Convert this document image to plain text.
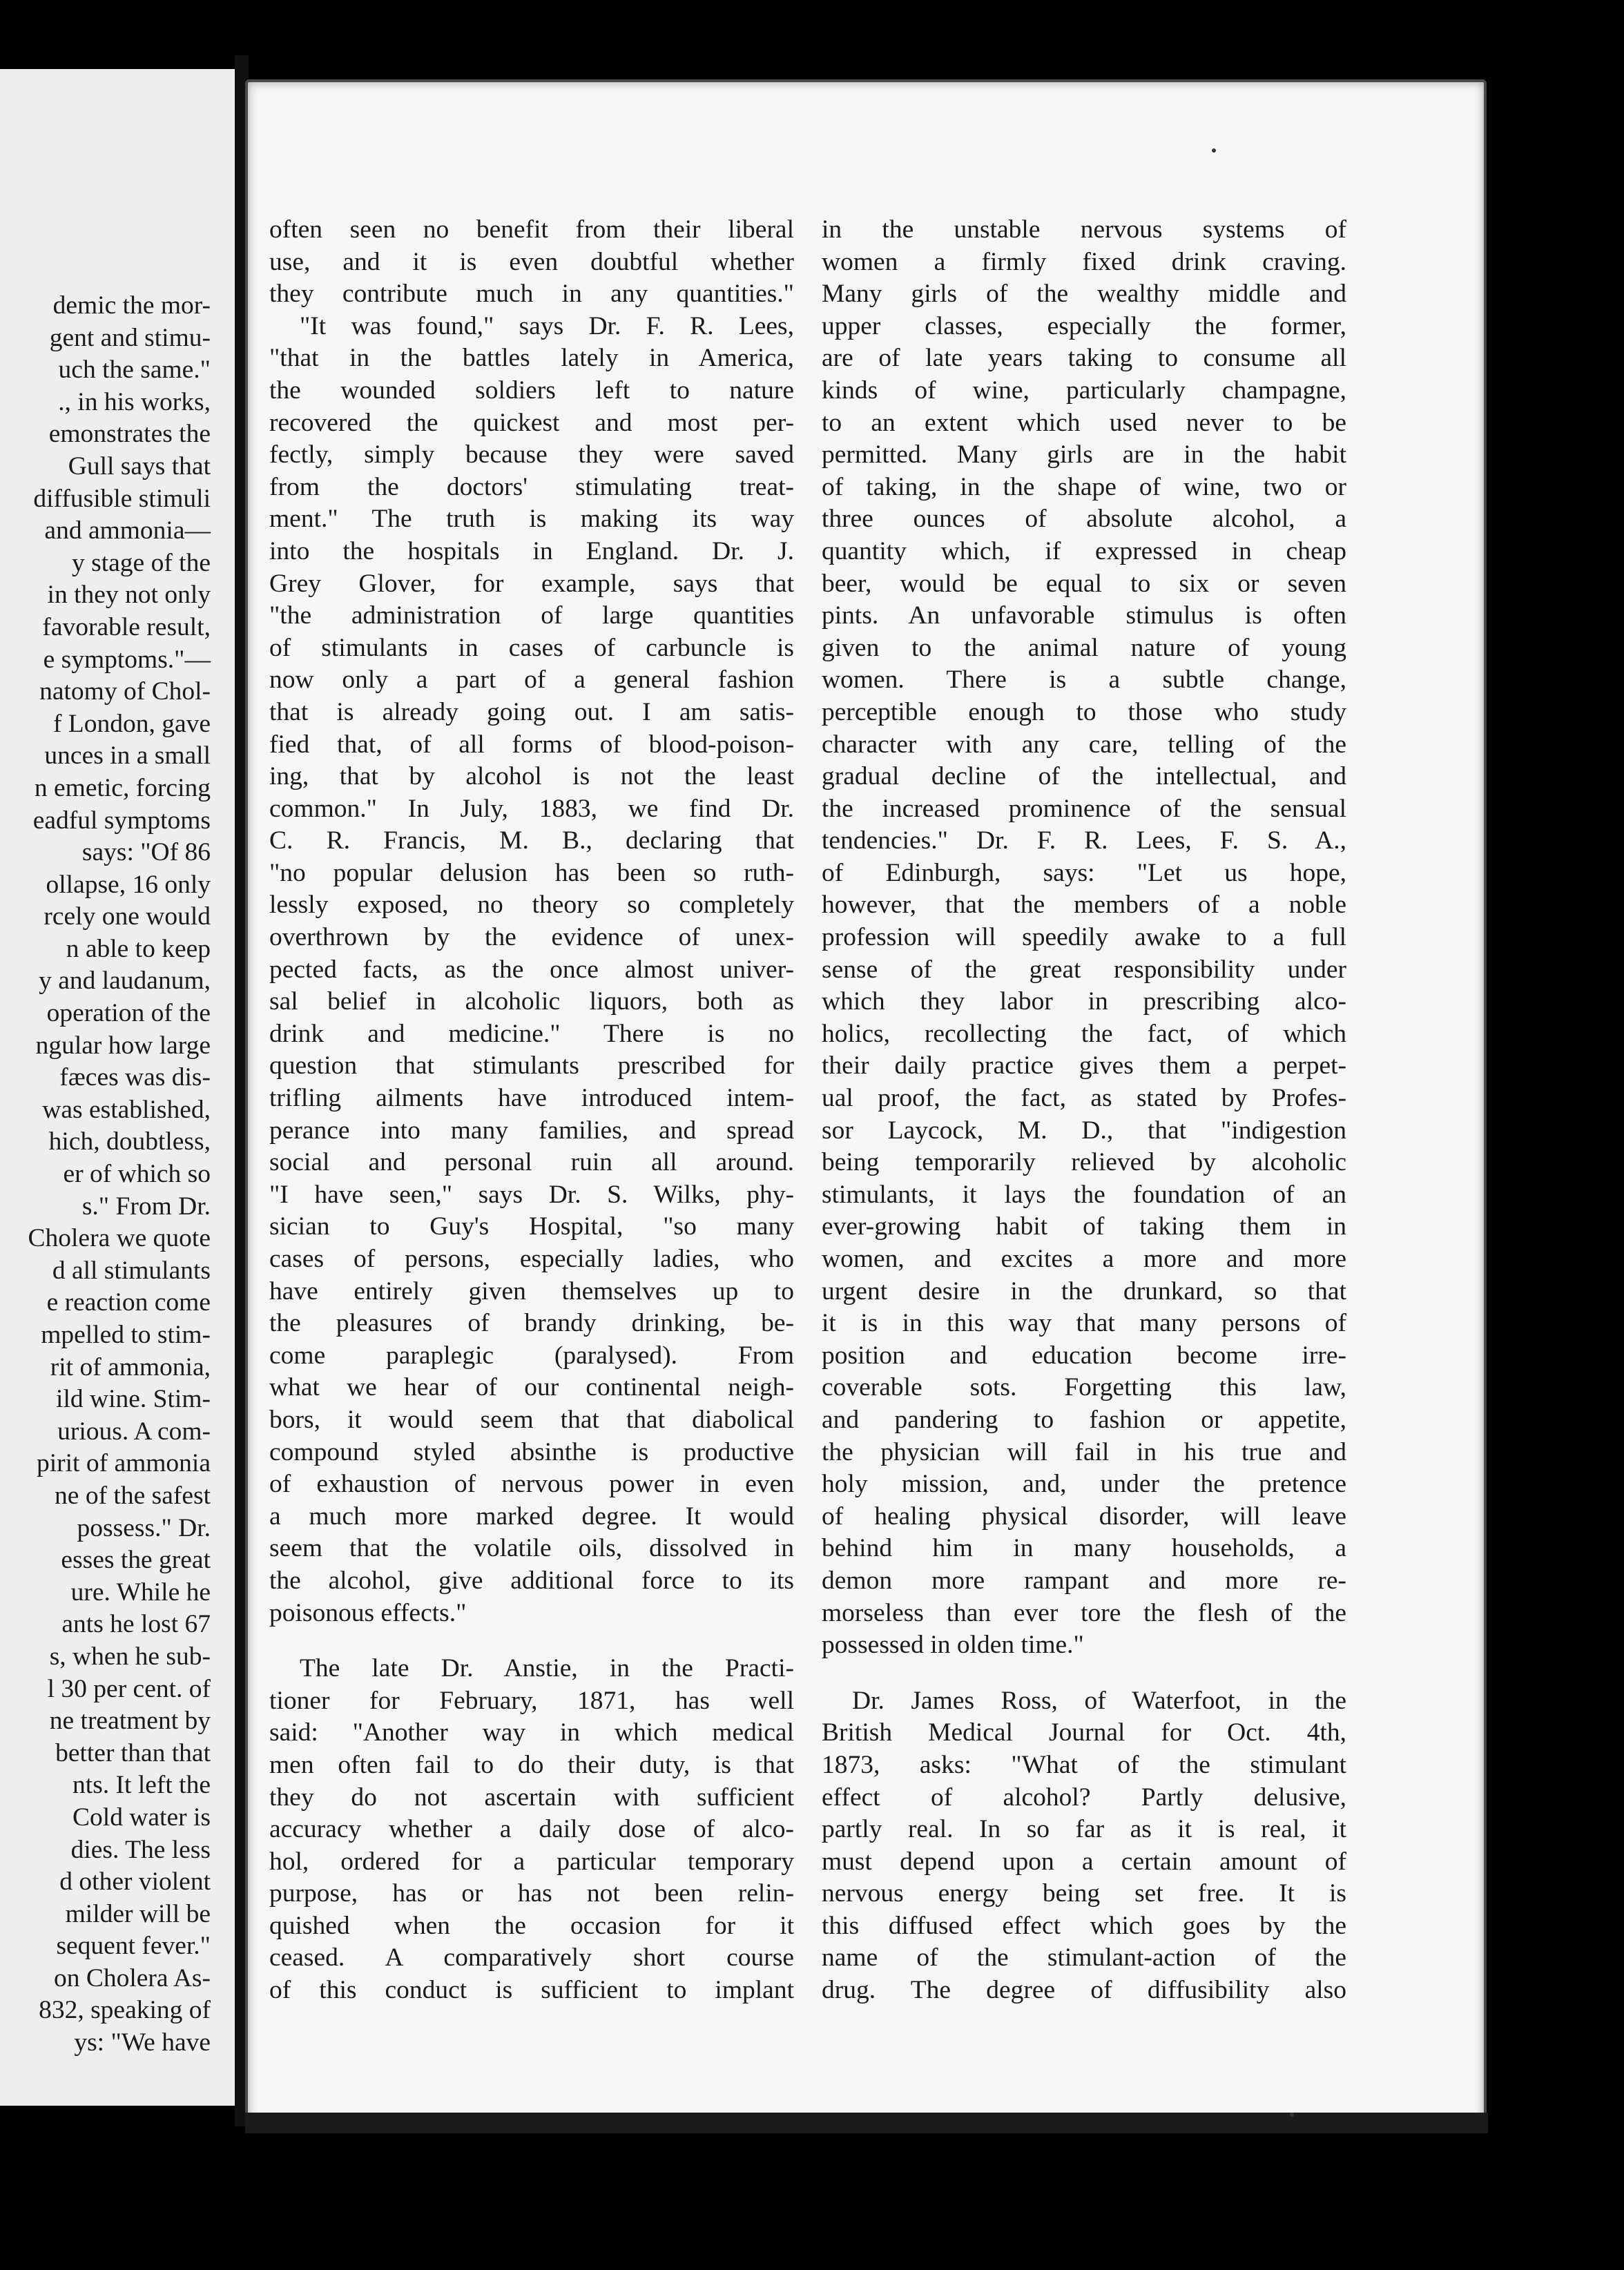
demic the mor-
gent and stimu-
uch the same."
., in his works,
emonstrates the
Gull says that
diffusible stimuli
and ammonia—
y stage of the
in they not only
favorable result,
e symptoms."—
natomy of Chol-
f London, gave
unces in a small
n emetic, forcing
eadful symptoms
says: "Of 86
ollapse, 16 only
rcely one would
n able to keep
y and laudanum,
operation of the
ngular how large
fæces was dis-
was established,
hich, doubtless,
er of which so
s." From Dr.
Cholera we quote
d all stimulants
e reaction come
mpelled to stim-
rit of ammonia,
ild wine. Stim-
urious. A com-
pirit of ammonia
ne of the safest
possess." Dr.
esses the great
ure. While he
ants he lost 67
s, when he sub-
l 30 per cent. of
ne treatment by
better than that
nts. It left the
Cold water is
dies. The less
d other violent
milder will be
sequent fever."
on Cholera As-
832, speaking of
ys: "We have
often seen no benefit from their liberal
use, and it is even doubtful whether
they contribute much in any quantities."
"It was found," says Dr. F. R. Lees,
"that in the battles lately in America,
the wounded soldiers left to nature
recovered the quickest and most per-
fectly, simply because they were saved
from the doctors' stimulating treat-
ment." The truth is making its way
into the hospitals in England. Dr. J.
Grey Glover, for example, says that
"the administration of large quantities
of stimulants in cases of carbuncle is
now only a part of a general fashion
that is already going out. I am satis-
fied that, of all forms of blood-poison-
ing, that by alcohol is not the least
common." In July, 1883, we find Dr.
C. R. Francis, M. B., declaring that
"no popular delusion has been so ruth-
lessly exposed, no theory so completely
overthrown by the evidence of unex-
pected facts, as the once almost univer-
sal belief in alcoholic liquors, both as
drink and medicine." There is no
question that stimulants prescribed for
trifling ailments have introduced intem-
perance into many families, and spread
social and personal ruin all around.
"I have seen," says Dr. S. Wilks, phy-
sician to Guy's Hospital, "so many
cases of persons, especially ladies, who
have entirely given themselves up to
the pleasures of brandy drinking, be-
come paraplegic (paralysed). From
what we hear of our continental neigh-
bors, it would seem that that diabolical
compound styled absinthe is productive
of exhaustion of nervous power in even
a much more marked degree. It would
seem that the volatile oils, dissolved in
the alcohol, give additional force to its
poisonous effects."
The late Dr. Anstie, in the Practi-
tioner for February, 1871, has well
said: "Another way in which medical
men often fail to do their duty, is that
they do not ascertain with sufficient
accuracy whether a daily dose of alco-
hol, ordered for a particular temporary
purpose, has or has not been relin-
quished when the occasion for it
ceased. A comparatively short course
of this conduct is sufficient to implant
in the unstable nervous systems of
women a firmly fixed drink craving.
Many girls of the wealthy middle and
upper classes, especially the former,
are of late years taking to consume all
kinds of wine, particularly champagne,
to an extent which used never to be
permitted. Many girls are in the habit
of taking, in the shape of wine, two or
three ounces of absolute alcohol, a
quantity which, if expressed in cheap
beer, would be equal to six or seven
pints. An unfavorable stimulus is often
given to the animal nature of young
women. There is a subtle change,
perceptible enough to those who study
character with any care, telling of the
gradual decline of the intellectual, and
the increased prominence of the sensual
tendencies." Dr. F. R. Lees, F. S. A.,
of Edinburgh, says: "Let us hope,
however, that the members of a noble
profession will speedily awake to a full
sense of the great responsibility under
which they labor in prescribing alco-
holics, recollecting the fact, of which
their daily practice gives them a perpet-
ual proof, the fact, as stated by Profes-
sor Laycock, M. D., that "indigestion
being temporarily relieved by alcoholic
stimulants, it lays the foundation of an
ever-growing habit of taking them in
women, and excites a more and more
urgent desire in the drunkard, so that
it is in this way that many persons of
position and education become irre-
coverable sots. Forgetting this law,
and pandering to fashion or appetite,
the physician will fail in his true and
holy mission, and, under the pretence
of healing physical disorder, will leave
behind him in many households, a
demon more rampant and more re-
morseless than ever tore the flesh of the
possessed in olden time."
Dr. James Ross, of Waterfoot, in the
British Medical Journal for Oct. 4th,
1873, asks: "What of the stimulant
effect of alcohol? Partly delusive,
partly real. In so far as it is real, it
must depend upon a certain amount of
nervous energy being set free. It is
this diffused effect which goes by the
name of the stimulant-action of the
drug. The degree of diffusibility also
